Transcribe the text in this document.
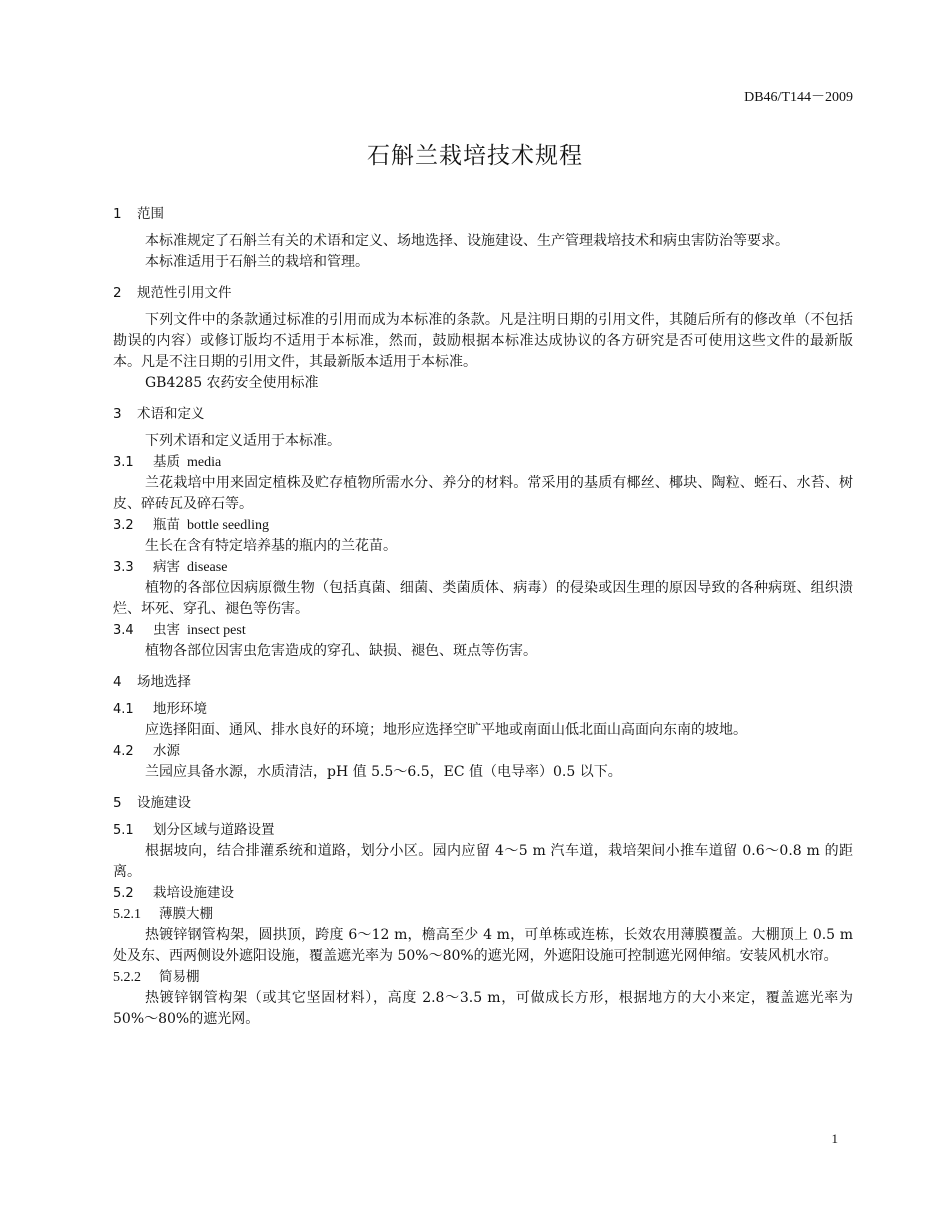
DB46/T144－2009
石斛兰栽培技术规程
1 范围
本标准规定了石斛兰有关的术语和定义、场地选择、设施建设、生产管理栽培技术和病虫害防治等要求。
本标准适用于石斛兰的栽培和管理。
2 规范性引用文件
下列文件中的条款通过标准的引用而成为本标准的条款。凡是注明日期的引用文件，其随后所有的修改单（不包括勘误的内容）或修订版均不适用于本标准，然而，鼓励根据本标准达成协议的各方研究是否可使用这些文件的最新版本。凡是不注日期的引用文件，其最新版本适用于本标准。
GB4285 农药安全使用标准
3 术语和定义
下列术语和定义适用于本标准。
3.1 基质 media
兰花栽培中用来固定植株及贮存植物所需水分、养分的材料。常采用的基质有椰丝、椰块、陶粒、蛭石、水苔、树皮、碎砖瓦及碎石等。
3.2 瓶苗 bottle seedling
生长在含有特定培养基的瓶内的兰花苗。
3.3 病害 disease
植物的各部位因病原微生物（包括真菌、细菌、类菌质体、病毒）的侵染或因生理的原因导致的各种病斑、组织溃烂、坏死、穿孔、褪色等伤害。
3.4 虫害 insect pest
植物各部位因害虫危害造成的穿孔、缺损、褪色、斑点等伤害。
4 场地选择
4.1 地形环境
应选择阳面、通风、排水良好的环境；地形应选择空旷平地或南面山低北面山高面向东南的坡地。
4.2 水源
兰园应具备水源，水质清洁，pH 值 5.5～6.5，EC 值（电导率）0.5 以下。
5 设施建设
5.1 划分区域与道路设置
根据坡向，结合排灌系统和道路，划分小区。园内应留 4～5 m 汽车道，栽培架间小推车道留 0.6～0.8 m 的距离。
5.2 栽培设施建设
5.2.1 薄膜大棚
热镀锌钢管构架，圆拱顶，跨度 6～12 m，檐高至少 4 m，可单栋或连栋，长效农用薄膜覆盖。大棚顶上 0.5 m 处及东、西两侧设外遮阳设施，覆盖遮光率为 50%～80%的遮光网，外遮阳设施可控制遮光网伸缩。安装风机水帘。
5.2.2 简易棚
热镀锌钢管构架（或其它坚固材料），高度 2.8～3.5 m，可做成长方形，根据地方的大小来定，覆盖遮光率为 50%～80%的遮光网。
1
